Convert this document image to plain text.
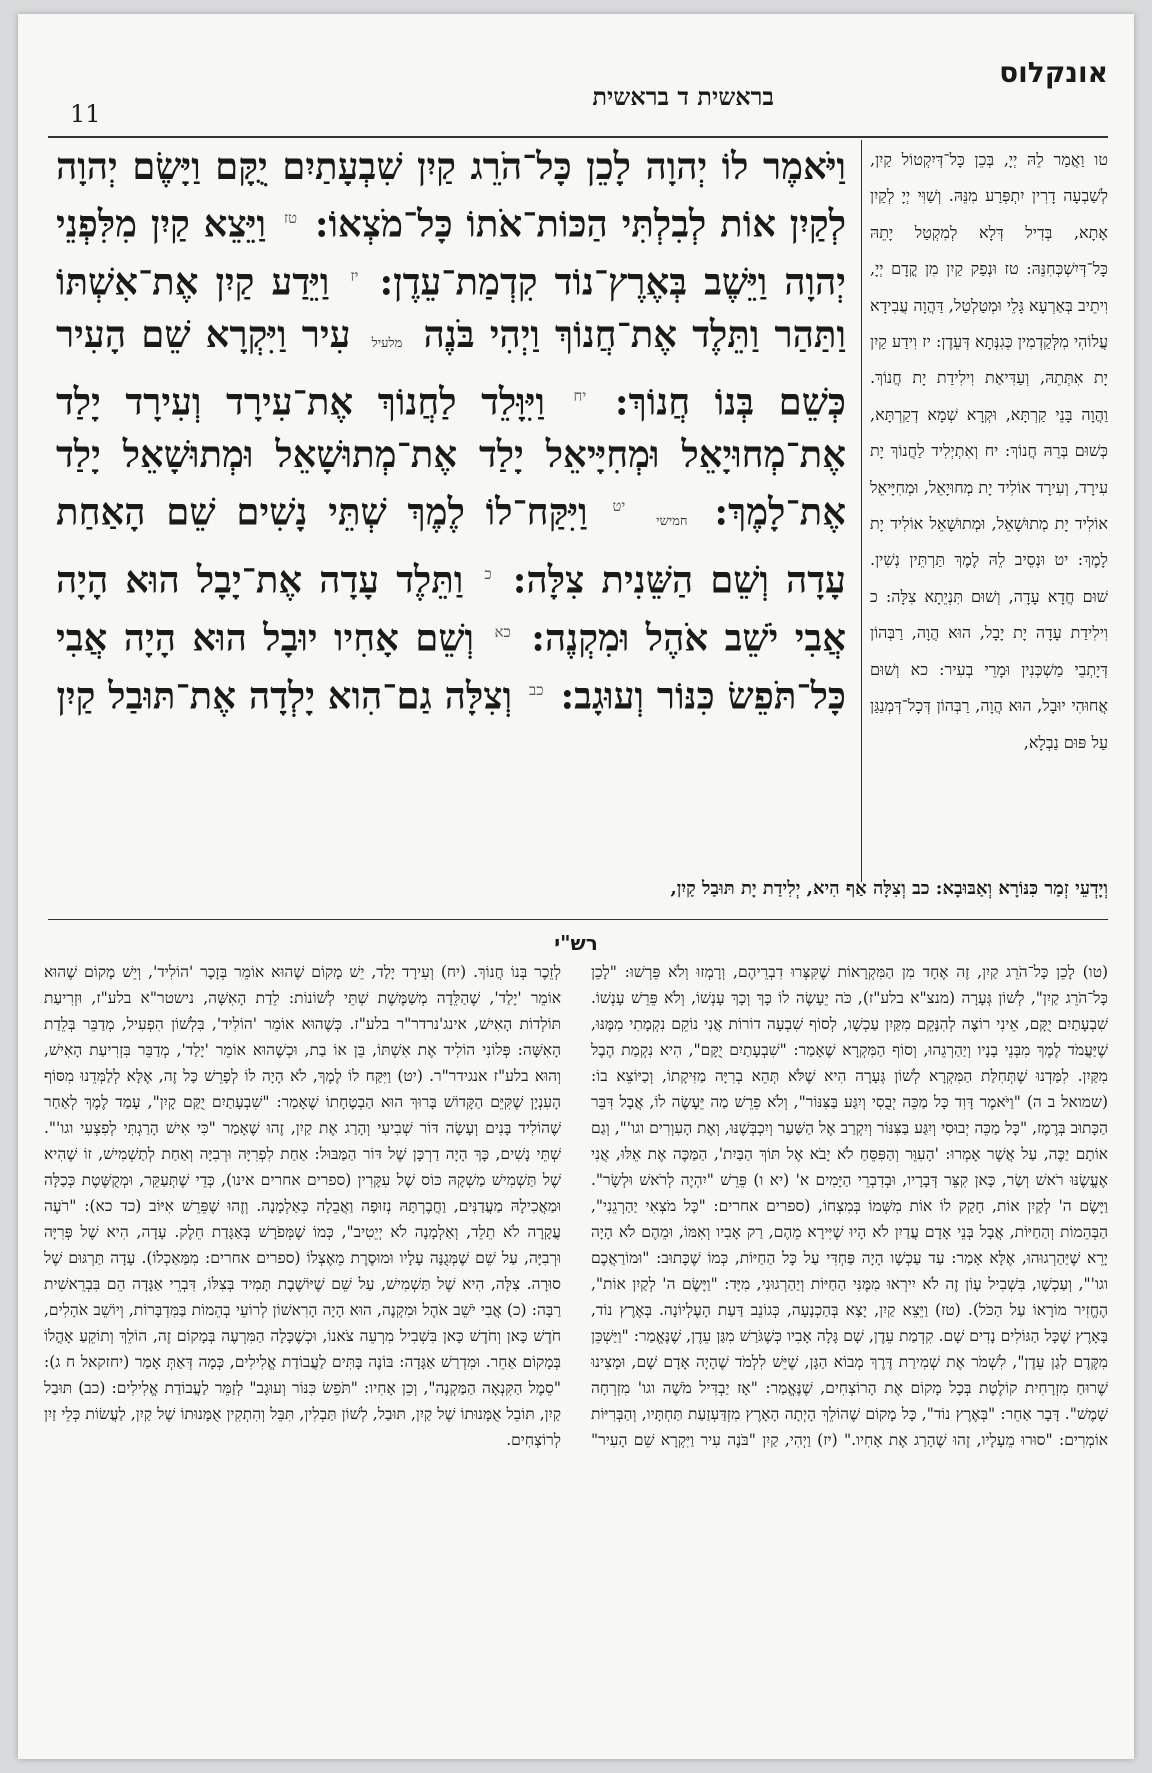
אונקלוס
בראשית ד בראשית
11

טו וַאֲמַר לֵהּ יְיָ, בְּכֵן כָּל־דְּיִקְטוֹל קַיִן, לְשַׁבְעָה דָרִין יִתְפְּרַע מִנֵּהּ. וְשַׁוִּי יְיָ לְקַיִן אָתָא, בְּדִיל דְּלָא לְמִקְטַל יָתֵהּ כָּל־דְּיִשְׁכְּחִנֵּהּ: טז וּנְפַק קַיִן מִן קֳדָם יְיָ, וִיתֵיב בְּאַרְעָא גָּלֵי וּמְטַלְטַל, דַּהֲוָה עֲבִידָא עֲלוֹהִי מִלְּקַדְמִין כְּגִנְּתָא דְּעֵדֶן: יז וִידַע קַיִן יָת אִתְּתֵהּ, וְעַדִּיאַת וִילִידַת יָת חֲנוֹךְ. וַהֲוָה בָּנֵי קַרְתָּא, וּקְרָא שְׁמָא דְקַרְתָּא, כְּשׁוּם בְּרֵהּ חֲנוֹךְ: יח וְאִתְיְלִיד לַחֲנוֹךְ יָת עִירָד, וְעִירָד אוֹלִיד יָת מְחוּיָאֵל, וּמְחִיָּיאֵל אוֹלִיד יָת מְתוּשָׁאֵל, וּמְתוּשָׁאֵל אוֹלִיד יָת לָמֶךְ: יט וּנְסֵיב לֵהּ לֶמֶךְ תַּרְתֵּין נְשִׁין. שׁוּם חֲדָא עָדָה, וְשׁוּם תִּנְיֵתָא צִלָּה: כ וִילִידַת עָדָה יָת יָבָל, הוּא הֲוָה, רַבְּהוֹן דְּיָתְבֵי מַשְׁכְּנִין וּמָרֵי בְעִיר: כא וְשׁוּם אֲחוּהִי יוּבָל, הוּא הֲוָה, רַבְּהוֹן דְּכָל־דְּמְנַגַּן עַל פּוּם נַבְלָא,

וַיֹּאמֶר לוֹ יְהוָה לָכֵן כָּל־הֹרֵג קַיִן שִׁבְעָתַיִם יֻקָּם וַיָּשֶׂם יְהוָה לְקַיִן אוֹת לְבִלְתִּי הַכּוֹת־אֹתוֹ כָּל־מֹצְאוֹ: $^{טז}$ וַיֵּצֵא קַיִן מִלִּפְנֵי יְהוָה וַיֵּשֶׁב בְּאֶרֶץ־נוֹד קִדְמַת־עֵדֶן: $^{יז}$ וַיֵּדַע קַיִן אֶת־אִשְׁתּוֹ וַתַּהַר וַתֵּלֶד אֶת־חֲנוֹךְ וַיְהִי בֹּנֶה מלעיל עִיר וַיִּקְרָא שֵׁם הָעִיר כְּשֵׁם בְּנוֹ חֲנוֹךְ: $^{יח}$ וַיִּוָּלֵד לַחֲנוֹךְ אֶת־עִירָד וְעִירָד יָלַד אֶת־מְחוּיָאֵל וּמְחִיָּיאֵל יָלַד אֶת־מְתוּשָׁאֵל וּמְתוּשָׁאֵל יָלַד אֶת־לָמֶךְ: חמישי $^{יט}$ וַיִּקַּח־לוֹ לֶמֶךְ שְׁתֵּי נָשִׁים שֵׁם הָאַחַת עָדָה וְשֵׁם הַשֵּׁנִית צִלָּה: $^כ$ וַתֵּלֶד עָדָה אֶת־יָבָל הוּא הָיָה אֲבִי יֹשֵׁב אֹהֶל וּמִקְנֶה: $^{כא}$ וְשֵׁם אָחִיו יוּבָל הוּא הָיָה אֲבִי כָּל־תֹּפֵשׂ כִּנּוֹר וְעוּגָב: $^{כב}$ וְצִלָּה גַם־הִוא יָלְדָה אֶת־תּוּבַל קַיִן

וְיָדְעֵי זְמַר כִּנּוֹרָא וְאַבּוּבָא: כב וְצִלָּה אַף הִיא, יְלִידַת יָת תּוּבַל קַיִן,
רש"י

(טו) לָכֵן כָּל־הֹרֵג קַיִן, זֶה אֶחָד מִן הַמִּקְרָאוֹת שֶׁקִּצְּרוּ דִבְרֵיהֶם, וְרָמְזוּ וְלֹא פֵּרְשׁוּ: "לָכֵן כָּל־הֹרֵג קַיִן", לְשׁוֹן גְּעָרָה (מנצ"א בלע"ז), כֹּה יֵעָשֶׂה לוֹ כָּךְ וְכָךְ עָנְשׁוֹ, וְלֹא פֵּרֵשׁ עָנְשׁוֹ. שִׁבְעָתַיִם יֻקָּם, אֵינִי רוֹצֶה לְהִנָּקֵם מִקַּיִן עַכְשָׁו, לְסוֹף שִׁבְעָה דוֹרוֹת אֲנִי נוֹקֵם נִקְמָתִי מִמֶּנּוּ, שֶׁיַּעֲמֹד לֶמֶךְ מִבְּנֵי בָנָיו וְיַהַרְגֵהוּ, וְסוֹף הַמִּקְרָא שֶׁאָמַר: "שִׁבְעָתַיִם יֻקָּם", הִיא נִקְמַת הֶבֶל מִקַּיִן. לִמַּדְנוּ שֶׁתְּחִלַּת הַמִּקְרָא לְשׁוֹן גְּעָרָה הִיא שֶׁלֹּא תְּהֵא בְרִיָּה מַזִּיקָתוֹ, וְכַיּוֹצֵא בוֹ: (שמואל ב ה) "וַיֹּאמֶר דָּוִד כָּל מַכֵּה יְבֻסִי וְיִגַּע בַּצִּנּוֹר", וְלֹא פֵרֵשׁ מַה יֵּעָשֶׂה לוֹ, אֲבָל דִּבֵּר הַכָּתוּב בְּרֶמֶז, "כָּל מַכֵּה יְבוּסִי וְיִגַּע בַּצִּנּוֹר וְיִקְרַב אֶל הַשַּׁעַר וְיִכְבְּשֶׁנּוּ, וְאֶת הָעִוְרִים וגו'", וְגַם אוֹתָם יַכֶּה, עַל אֲשֶׁר אָמְרוּ: 'הָעִוֵּר וְהַפִּסֵּחַ לֹא יָבֹא אֶל תּוֹךְ הַבַּיִת', הַמַּכֶּה אֶת אֵלּוּ, אֲנִי אֶעֱשֶׂנּוּ רֹאשׁ וְשַׂר, כָּאן קִצֵּר דְּבָרָיו, וּבְדִבְרֵי הַיָּמִים א' (יא ו) פֵּרֵשׁ "יִהְיֶה לְרֹאשׁ וּלְשָׂר". וַיָּשֶׂם ה' לְקַיִן אוֹת, חָקַק לוֹ אוֹת מִשְּׁמוֹ בְּמִצְחוֹ, (ספרים אחרים: "כָּל מֹצְאִי יַהַרְגֵנִי", הַבְּהֵמוֹת וְהַחַיּוֹת, אֲבָל בְּנֵי אָדָם עֲדַיִן לֹא הָיוּ שֶׁיִּירָא מֵהֶם, רַק אָבִיו וְאִמּוֹ, וּמֵהֶם לֹא הָיָה יָרֵא שֶׁיַּהַרְגוּהוּ, אֶלָּא אָמַר: עַד עַכְשָׁו הָיָה פַּחְדִּי עַל כָּל הַחַיּוֹת, כְּמוֹ שֶׁכָּתוּב: "וּמוֹרַאֲכֶם וגו'", וְעַכְשָׁו, בִּשְׁבִיל עָוֹן זֶה לֹא יִירְאוּ מִמֶּנִּי הַחַיּוֹת וְיַהַרְגוּנִי, מִיָּד: "וַיָּשֶׂם ה' לְקַיִן אוֹת", הֶחֱזִיר מוֹרָאוֹ עַל הַכֹּל). (טז) וַיֵּצֵא קַיִן, יָצָא בְּהַכְנָעָה, כְּגוֹנֵב דַּעַת הָעֶלְיוֹנָה. בְּאֶרֶץ נוֹד, בָּאָרֶץ שֶׁכָּל הַגּוֹלִים נָדִים שָׁם. קִדְמַת עֵדֶן, שָׁם גָּלָה אָבִיו כְּשֶׁגֹּרַשׁ מִגַּן עֵדֶן, שֶׁנֶּאֱמַר: "וַיַּשְׁכֵּן מִקֶּדֶם לְגַן עֵדֶן", לִשְׁמֹר אֶת שְׁמִירַת דֶּרֶךְ מְבוֹא הַגָּן, שֶׁיֵּשׁ לִלְמֹד שֶׁהָיָה אָדָם שָׁם, וּמָצִינוּ שֶׁרוּחַ מִזְרָחִית קוֹלֶטֶת בְּכָל מָקוֹם אֶת הָרוֹצְחִים, שֶׁנֶּאֱמַר: "אָז יַבְדִּיל מֹשֶׁה וגו' מִזְרְחָה שָׁמֶשׁ". דָּבָר אַחֵר: "בְּאֶרֶץ נוֹד", כָּל מָקוֹם שֶׁהוֹלֵךְ הָיְתָה הָאָרֶץ מִזְדַּעְזַעַת תַּחְתָּיו, וְהַבְּרִיּוֹת אוֹמְרִים: "סוּרוּ מֵעָלָיו, זֶהוּ שֶׁהָרַג אֶת אָחִיו." (יז) וַיְהִי, קַיִן "בֹּנֶה עִיר וַיִּקְרָא שֵׁם הָעִיר" לְזֵכֶר בְּנוֹ חֲנוֹךְ. (יח) וְעִירָד יָלַד, יֵשׁ מָקוֹם שֶׁהוּא אוֹמֵר בְּזָכָר 'הוֹלִיד', וְיֵשׁ מָקוֹם שֶׁהוּא אוֹמֵר 'יָלַד', שֶׁהַלֵּדָה מְשַׁמֶּשֶׁת שְׁתֵּי לְשׁוֹנוֹת: לֵדַת הָאִשָּׁה, נישטר"א בלע"ז, וּזְרִיעַת תּוֹלְדוֹת הָאִישׁ, אינג'נרדר"ר בלע"ז. כְּשֶׁהוּא אוֹמֵר 'הוֹלִיד', בִּלְשׁוֹן הִפְעִיל, מְדַבֵּר בְּלֵדַת הָאִשָּׁה: פְּלוֹנִי הוֹלִיד אֶת אִשְׁתּוֹ, בֵּן אוֹ בַת, וּכְשֶׁהוּא אוֹמֵר 'יָלַד', מְדַבֵּר בִּזְרִיעַת הָאִישׁ, וְהוּא בלע"ז אנגידר"ר. (יט) וַיִּקַּח לוֹ לֶמֶךְ, לֹא הָיָה לוֹ לְפָרֵשׁ כָּל זֶה, אֶלָּא לְלַמְּדֵנוּ מִסּוֹף הָעִנְיָן שֶׁקִּיֵּם הַקָּדוֹשׁ בָּרוּךְ הוּא הַבְטָחָתוֹ שֶׁאָמַר: "שִׁבְעָתַיִם יֻקַּם קָיִן", עָמַד לֶמֶךְ לְאַחַר שֶׁהוֹלִיד בָּנִים וְעָשָׂה דּוֹר שְׁבִיעִי וְהָרַג אֶת קַיִן, זֶהוּ שֶׁאָמַר "כִּי אִישׁ הָרַגְתִּי לְפִצְעִי וגו'". שְׁתֵּי נָשִׁים, כָּךְ הָיָה דַרְכָּן שֶׁל דּוֹר הַמַּבּוּל: אַחַת לִפְרִיָּה וּרְבִיָּה וְאַחַת לְתַשְׁמִישׁ, זוֹ שֶׁהִיא שֶׁל תַּשְׁמִישׁ מַשְׁקָהּ כּוֹס שֶׁל עִקָּרִין (ספרים אחרים אינו), כְּדֵי שֶׁתְּעַקֵּר, וּמְקֻשֶּׁטֶת כְּכַלָּה וּמַאֲכִילָהּ מַעֲדַנִּים, וַחֲבֶרְתָּהּ נְזוּפָה וַאֲבֵלָה כְּאַלְמָנָה. וְזֶהוּ שֶׁפֵּרֵשׁ אִיּוֹב (כד כא): "רֹעֶה עֲקָרָה לֹא תֵלֵד, וְאַלְמָנָה לֹא יְיֵטִיב", כְּמוֹ שֶׁמְּפֹרָשׁ בְּאַגָּדַת חֵלֶק. עָדָה, הִיא שֶׁל פְּרִיָּה וּרְבִיָּה, עַל שֵׁם שֶׁמְּגֻנָּה עָלָיו וּמוּסֶרֶת מֵאֶצְלוֹ (ספרים אחרים: מִמַּאַכְלוֹ). עָדָה תַּרְגּוּם שֶׁל סוּרָה. צִלָּה, הִיא שֶׁל תַּשְׁמִישׁ, עַל שֵׁם שֶׁיּוֹשֶׁבֶת תָּמִיד בְּצִלּוֹ, דִּבְרֵי אַגָּדָה הֵם בִּבְרֵאשִׁית רַבָּה: (כ) אֲבִי יֹשֵׁב אֹהֶל וּמִקְנֶה, הוּא הָיָה הָרִאשׁוֹן לְרוֹעֵי בְהֵמוֹת בַּמִּדְבָּרוֹת, וְיוֹשֵׁב אֹהָלִים, חֹדֶשׁ כָּאן וְחֹדֶשׁ כָּאן בִּשְׁבִיל מִרְעֵה צֹאנוֹ, וּכְשֶׁכָּלָה הַמִּרְעֶה בְּמָקוֹם זֶה, הוֹלֵךְ וְתוֹקֵעַ אָהֳלוֹ בְּמָקוֹם אַחֵר. וּמִדְרַשׁ אַגָּדָה: בּוֹנֶה בָּתִּים לַעֲבוֹדַת אֱלִילִים, כְּמָה דְּאַתְּ אָמַר (יחזקאל ח ג): "סֵמֶל הַקִּנְאָה הַמַּקְנֶה", וְכֵן אָחִיו: "תֹּפֵשׂ כִּנּוֹר וְעוּגָב" לְזַמֵּר לַעֲבוֹדַת אֱלִילִים: (כב) תּוּבַל קַיִן, תּוֹבֵל אֻמָּנוּתוֹ שֶׁל קַיִן, תּוּבַל, לְשׁוֹן תַּבְלִין, תִּבֵּל וְהִתְקִין אֻמָּנוּתוֹ שֶׁל קַיִן, לַעֲשׂוֹת כְּלֵי זַיִן לְרוֹצְחִים.
